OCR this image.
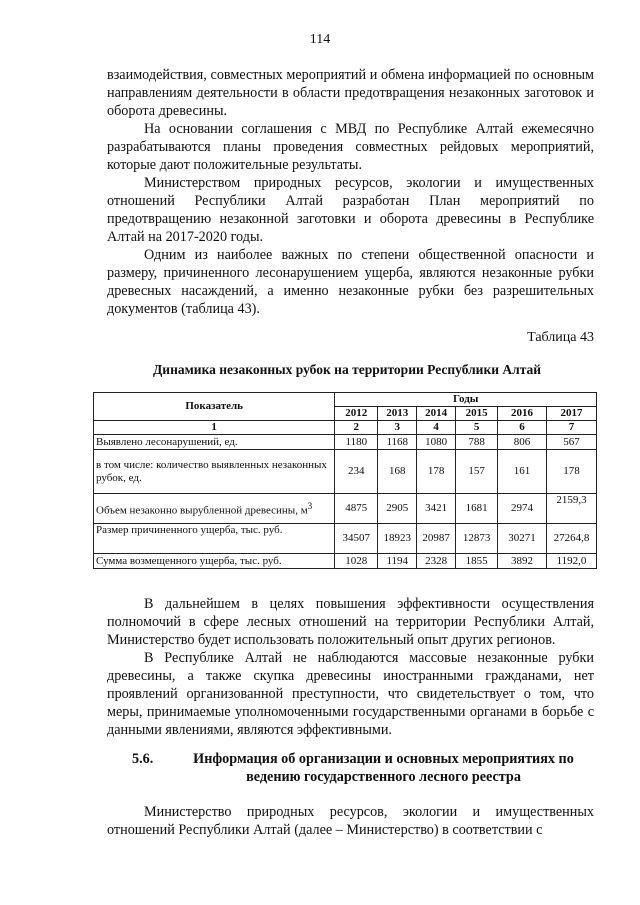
114

взаимодействия, совместных мероприятий и обмена информацией по основным направлениям деятельности в области предотвращения незаконных заготовок и оборота древесины.

На основании соглашения с МВД по Республике Алтай ежемесячно разрабатываются планы проведения совместных рейдовых мероприятий, которые дают положительные результаты.

Министерством природных ресурсов, экологии и имущественных отношений Республики Алтай разработан План мероприятий по предотвращению незаконной заготовки и оборота древесины в Республике Алтай на 2017-2020 годы.

Одним из наиболее важных по степени общественной опасности и размеру, причиненного лесонарушением ущерба, являются незаконные рубки древесных насаждений, а именно незаконные рубки без разрешительных документов (таблица 43).

Таблица 43
Динамика незаконных рубок на территории Республики Алтай
Показатель	Годы					
	2012	2013	2014	2015	2016	2017
1	2	3	4	5	6	7
Выявлено лесонарушений, ед.	1180	1168	1080	788	806	567
в том числе: количество выявленных незаконных рубок, ед.	234	168	178	157	161	178
Объем незаконно вырубленной древесины, $м^3$	4875	2905	3421	1681	2974	2159,3
Размер причиненного ущерба, тыс. руб.	34507	18923	20987	12873	30271	27264,8
Сумма возмещенного ущерба, тыс. руб.	1028	1194	2328	1855	3892	1192,0

В дальнейшем в целях повышения эффективности осуществления полномочий в сфере лесных отношений на территории Республики Алтай, Министерство будет использовать положительный опыт других регионов.

В Республике Алтай не наблюдаются массовые незаконные рубки древесины, а также скупка древесины иностранными гражданами, нет проявлений организованной преступности, что свидетельствует о том, что меры, принимаемые уполномоченными государственными органами в борьбе с данными явлениями, являются эффективными.

5.6.	Информация об организации и основных мероприятиях по ведению государственного лесного реестра

Министерство природных ресурсов, экологии и имущественных отношений Республики Алтай (далее – Министерство) в соответствии с
